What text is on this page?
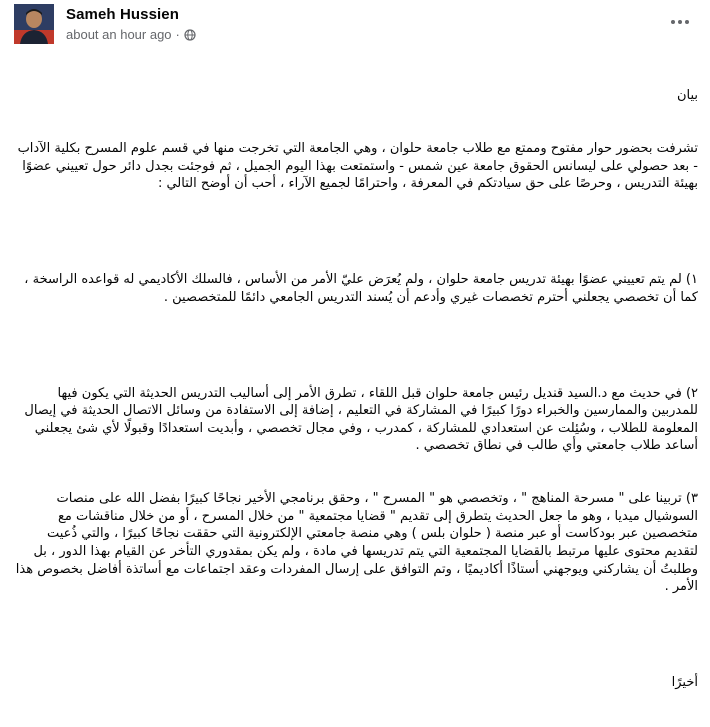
Sameh Hussien
about an hour ago ·

بيان

تشرفت بحضور حوار مفتوح وممتع مع طلاب جامعة حلوان ، وهي الجامعة التي تخرجت منها في قسم علوم المسرح بكلية الآداب - بعد حصولي على ليسانس الحقوق جامعة عين شمس - واستمتعت بهذا اليوم الجميل ، ثم فوجئت بجدل دائر حول تعييني عضوًا بهيئة التدريس ، وحرصًا على حق سيادتكم في المعرفة ، واحترامًا لجميع الآراء ، أحب أن أوضح التالي :

١) لم يتم تعييني عضوًا بهيئة تدريس جامعة حلوان ، ولم يُعرَض عليّ الأمر من الأساس ، فالسلك الأكاديمي له قواعده الراسخة ، كما أن تخصصي يجعلني أحترم تخصصات غيري وأدعم أن يُسند التدريس الجامعي دائمًا للمتخصصين .

٢) في حديث مع د.السيد قنديل رئيس جامعة حلوان قبل اللقاء ، تطرق الأمر إلى أساليب التدريس الحديثة التي يكون فيها للمدربين والممارسين والخبراء دورًا كبيرًا في المشاركة في التعليم ، إضافة إلى الاستفادة من وسائل الاتصال الحديثة في إيصال المعلومة للطلاب ، وسُئِلت عن استعدادي للمشاركة ، كمدرب ، وفي مجال تخصصي ، وأبديت استعدادًا وقبولًا لأي شئ يجعلني أساعد طلاب جامعتي وأي طالب في نطاق تخصصي .

٣) تربينا على " مسرحة المناهج " ، وتخصصي هو " المسرح " ، وحقق برنامجي الأخير نجاحًا كبيرًا بفضل الله على منصات السوشيال ميديا ، وهو ما جعل الحديث يتطرق إلى تقديم " قضايا مجتمعية " من خلال المسرح ، أو من خلال مناقشات مع متخصصين عبر بودكاست أو عبر منصة ( حلوان بلس ) وهي منصة جامعتي الإلكترونية التي حققت نجاحًا كبيرًا ، والتي ذُعيت لتقديم محتوى عليها مرتبط بالقضايا المجتمعية التي يتم تدريسها في مادة ، ولم يكن بمقدوري التأخر عن القيام بهذا الدور ، بل وطلبتُ أن يشاركني ويوجهني أستاذًا أكاديميًا ، وتم التوافق على إرسال المفردات وعقد اجتماعات مع أساتذة أفاضل بخصوص هذا الأمر .

أخيرًا
